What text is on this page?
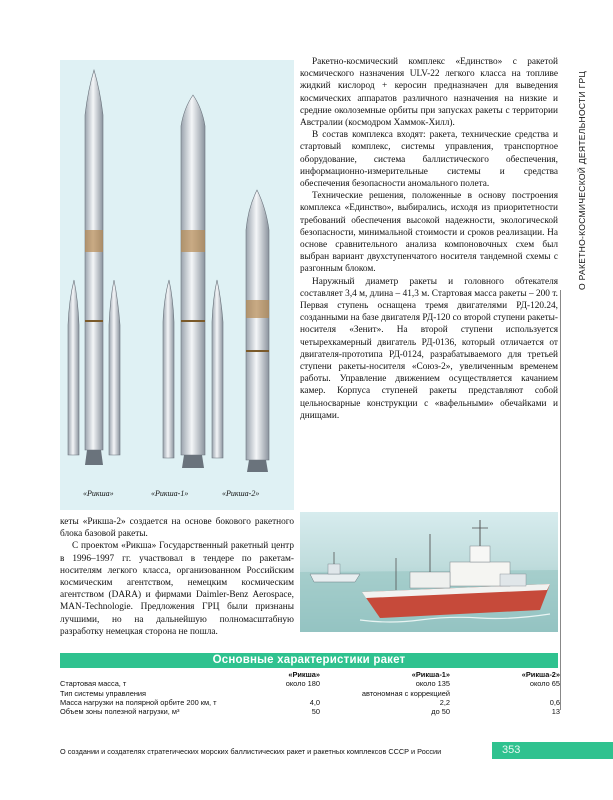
«Рикша»	«Рикша-1»	«Рикша-2»
О РАКЕТНО-КОСМИЧЕСКОЙ ДЕЯТЕЛЬНОСТИ ГРЦ

Ракетно-космический комплекс «Единство» с ракетой космического назначения ULV-22 легкого класса на топливе жидкий кислород + керосин предназначен для выведения космических аппаратов различного назначения на низкие и средние околоземные орбиты при запусках ракеты с территории Австралии (космодром Хаммок-Хилл).

В состав комплекса входят: ракета, технические средства и стартовый комплекс, системы управления, транспортное оборудование, система баллистического обеспечения, информационно-измерительные системы и средства обеспечения безопасности аномального полета.

Технические решения, положенные в основу построения комплекса «Единство», выбирались, исходя из приоритетности требований обеспечения высокой надежности, экологической безопасности, минимальной стоимости и сроков реализации. На основе сравнительного анализа компоновочных схем был выбран вариант двухступенчатого носителя тандемной схемы с разгонным блоком.

Наружный диаметр ракеты и головного обтекателя составляет 3,4 м, длина – 41,3 м. Стартовая масса ракеты – 200 т. Первая ступень оснащена тремя двигателями РД-120.24, созданными на базе двигателя РД-120 со второй ступени ракеты-носителя «Зенит». На второй ступени используется четырехкамерный двигатель РД-0136, который отличается от двигателя-прототипа РД-0124, разрабатываемого для третьей ступени ракеты-носителя «Союз-2», увеличенным временем работы. Управление движением осуществляется качанием камер. Корпуса ступеней ракеты представляют собой цельносварные конструкции с «вафельными» обечайками и днищами.

кеты «Рикша-2» создается на основе бокового ракетного блока базовой ракеты.

С проектом «Рикша» Государственный ракетный центр в 1996–1997 гг. участвовал в тендере по ракетам-носителям легкого класса, организованном Российским космическим агентством, немецким космическим агентством (DARA) и фирмами Daimler-Benz Aerospace, MAN-Technologie. Предложения ГРЦ были признаны лучшими, но на дальнейшую полномасштабную разработку немецкая сторона не пошла.

Основные характеристики ракет
	«Рикша»	«Рикша-1»	«Рикша-2»
Стартовая масса, т	около 180	около 135	около 65
Тип системы управления		автономная с коррекцией	
Масса нагрузки на полярной орбите 200 км, т	4,0	2,2	0,6
Объем зоны полезной нагрузки, м³	50	до 50	13
О создании и создателях стратегических морских баллистических ракет и ракетных комплексов СССР и России	353
